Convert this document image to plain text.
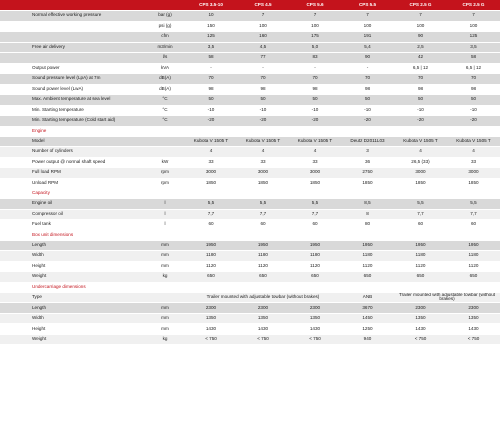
		CPS 3.5-10	CPS 4.5	CPS 5.6	CPS 5.5	CPS 2.5 G	CPS 2.5 G
Normal effective working pressure	bar (g)	10	7	7	7	7	7
	psi (g)	150	100	100	100	100	100
	cfm	125	160	175	191	90	125
Free air delivery	m3/min	3,5	4,5	5,0	5,4	2,5	3,5
	l/s	58	77	83	90	42	58
Output power	kVA	-	-	-	-	6,5 | 12	6,5 | 12
Sound pressure level (LpA) at 7m	dB(A)	70	70	70	70	70	70
Sound power level (LwA)	dB(A)	98	98	98	98	98	98
Max. Ambient temperature at sea level	°C	50	50	50	50	50	50
Min. Starting temperature	°C	-10	-10	-10	-10	-10	-10
Min. Starting temperature (Cold start aid)	°C	-20	-20	-20	-20	-20	-20
Engine							
Model		Kubota V 1505 T	Kubota V 1505 T	Kubota V 1505 T	Deutz D2011L03	Kubota V 1505 T	Kubota V 1505 T
Number of cylinders		4	4	4	3	4	4
Power output @ normal shaft speed	kW	33	33	33	36	26,5 (33)	33
Full load RPM	rpm	3000	3000	3000	2750	3000	3000
Unload RPM	rpm	1850	1850	1850	1850	1850	1850
Capacity							
Engine oil	l	5,5	5,5	5,5	8,5	5,5	5,5
Compressor oil	l	7,7	7,7	7,7	8	7,7	7,7
Fuel tank	l	60	60	60	80	60	60
Box unit dimensions							
Length	mm	1950	1950	1950	1950	1950	1950
Width	mm	1180	1180	1180	1180	1180	1180
Height	mm	1120	1120	1120	1120	1120	1120
Weight	kg	650	650	650	650	650	650
Undercarriage dimensions							
Type		Trailer mounted with adjustable towbar (without brakes)			ANB	Trailer mounted with adjustable towbar (without brakes)	
Length	mm	2300	2300	2300	3670	2300	2300
Width	mm	1350	1350	1350	1450	1350	1350
Height	mm	1430	1430	1430	1250	1430	1430
Weight	kg	< 750	< 750	< 750	940	< 750	< 750
